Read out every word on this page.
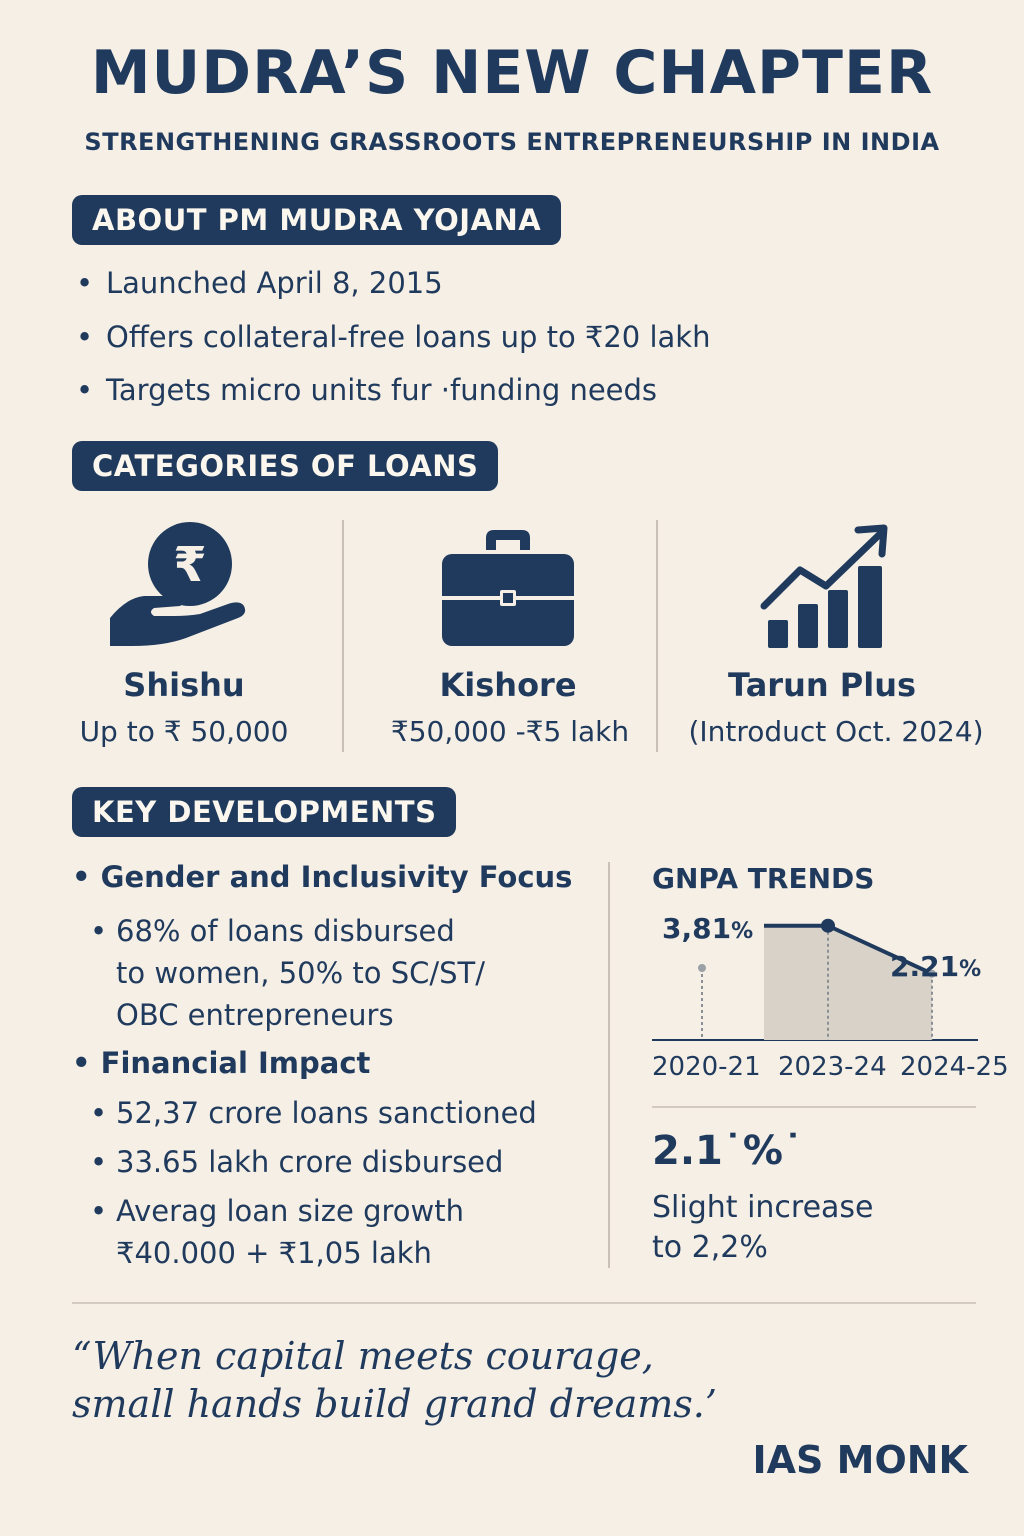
MUDRA’S NEW CHAPTER
STRENGTHENING GRASSROOTS ENTREPRENEURSHIP IN INDIA
ABOUT PM MUDRA YOJANA
• Launched April 8, 2015
• Offers collateral-free loans up to ₹20 lakh
• Targets micro units fur ·funding needs
CATEGORIES OF LOANS
₹
Shishu
Up to ₹ 50,000
Kishore
₹50,000 -₹5 lakh
Tarun Plus
(Introduct Oct. 2024)
KEY DEVELOPMENTS
• Gender and Inclusivity Focus
• 68% of loans disbursed
to women, 50% to SC/ST/
OBC entrepreneurs
• Financial Impact
• 52,37 crore loans sanctioned
• 33.65 lakh crore disbursed
• Averag loan size growth
₹40.000 + ₹1,05 lakh
GNPA TRENDS
3,81%
2.21%
2020-21 2023-24 2024-25
2.1˙%˙
Slight increase
to 2,2%
“When capital meets courage,
small hands build grand dreams.’
IAS MONK
